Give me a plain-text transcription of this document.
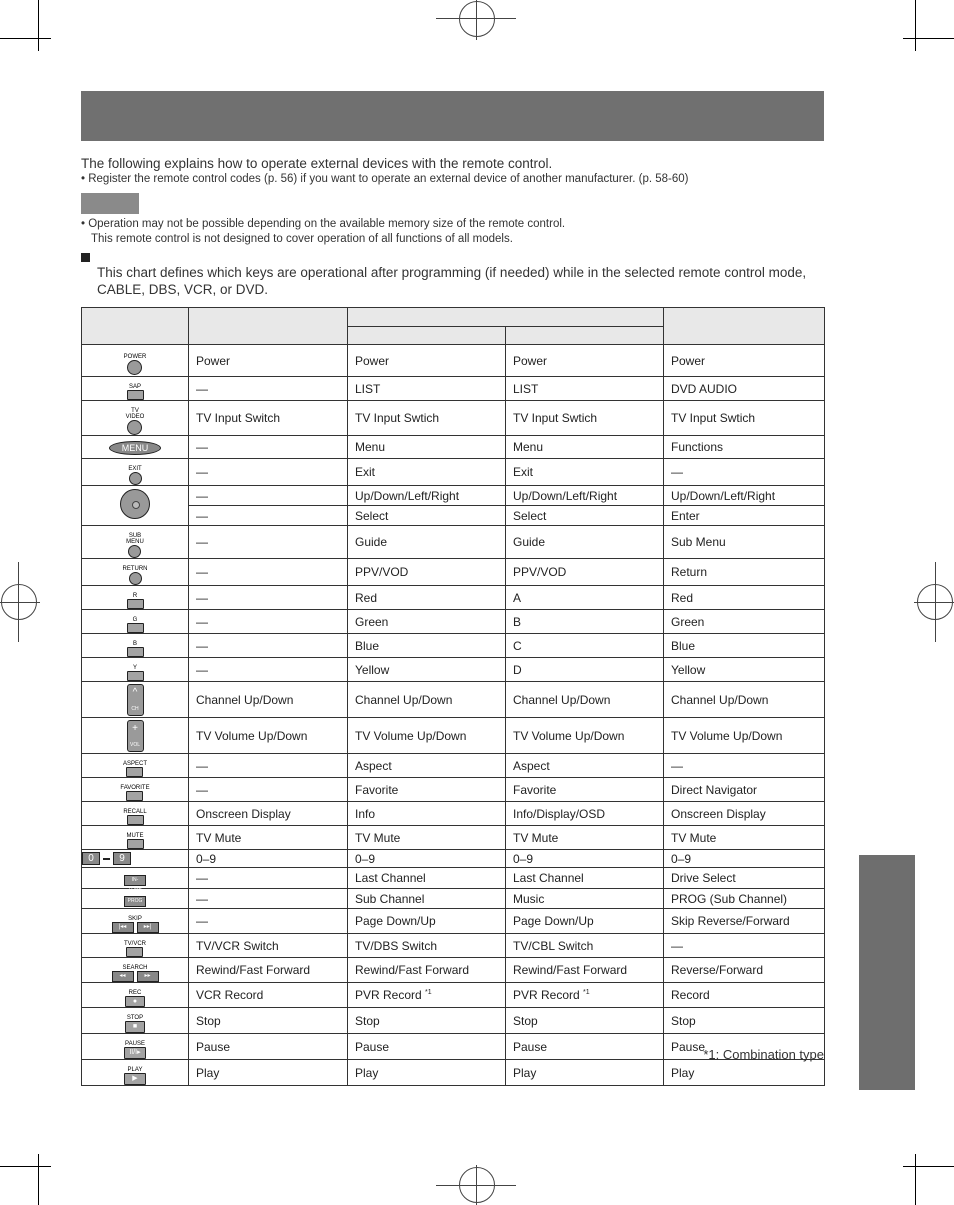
The following explains how to operate external devices with the remote control.
• Register the remote control codes (p. 56) if you want to operate an external device of another manufacturer. (p. 58-60)
• Operation may not be possible depending on the available memory size of the remote control.
This remote control is not designed to cover operation of all functions of all models.
This chart defines which keys are operational after programming (if needed) while in the selected remote control mode, CABLE, DBS, VCR, or DVD.

POWER	Power	Power	Power	Power

SAP	—	LIST	LIST	DVD AUDIO

TV
VIDEO	TV Input Switch	TV Input Swtich	TV Input Swtich	TV Input Swtich

MENU	—	Menu	Menu	Functions

EXIT	—	Exit	Exit	—

	—	Up/Down/Left/Right	Up/Down/Left/Right	Up/Down/Left/Right
	—	Select	Select	Enter

SUB
MENU	—	Guide	Guide	Sub Menu

RETURN	—	PPV/VOD	PPV/VOD	Return

R	—	Red	A	Red

G	—	Green	B	Green

B	—	Blue	C	Blue

Y	—	Yellow	D	Yellow

^
CH	Channel Up/Down	Channel Up/Down	Channel Up/Down	Channel Up/Down

+
VOL	TV Volume Up/Down	TV Volume Up/Down	TV Volume Up/Down	TV Volume Up/Down

ASPECT	—	Aspect	Aspect	—

FAVORITE	—	Favorite	Favorite	Direct Navigator

RECALL	Onscreen Display	Info	Info/Display/OSD	Onscreen Display

MUTE	TV Mute	TV Mute	TV Mute	TV Mute

0 9	0–9	0–9	0–9	0–9

IN-TUNE	—	Last Channel	Last Channel	Drive Select

PROG	—	Sub Channel	Music	PROG (Sub Channel)

SKIP
|◂◂ ▸▸|	—	Page Down/Up	Page Down/Up	Skip Reverse/Forward

TV/VCR	TV/VCR Switch	TV/DBS Switch	TV/CBL Switch	—

SEARCH
◂◂ ▸▸	Rewind/Fast Forward	Rewind/Fast Forward	Rewind/Fast Forward	Reverse/Forward

REC
●	VCR Record	PVR Record $^{*1}$	PVR Record $^{*1}$	Record

STOP
■	Stop	Stop	Stop	Stop

PAUSE
II/I▸	Pause	Pause	Pause	Pause

PLAY
▶	Play	Play	Play	Play
*1: Combination type
